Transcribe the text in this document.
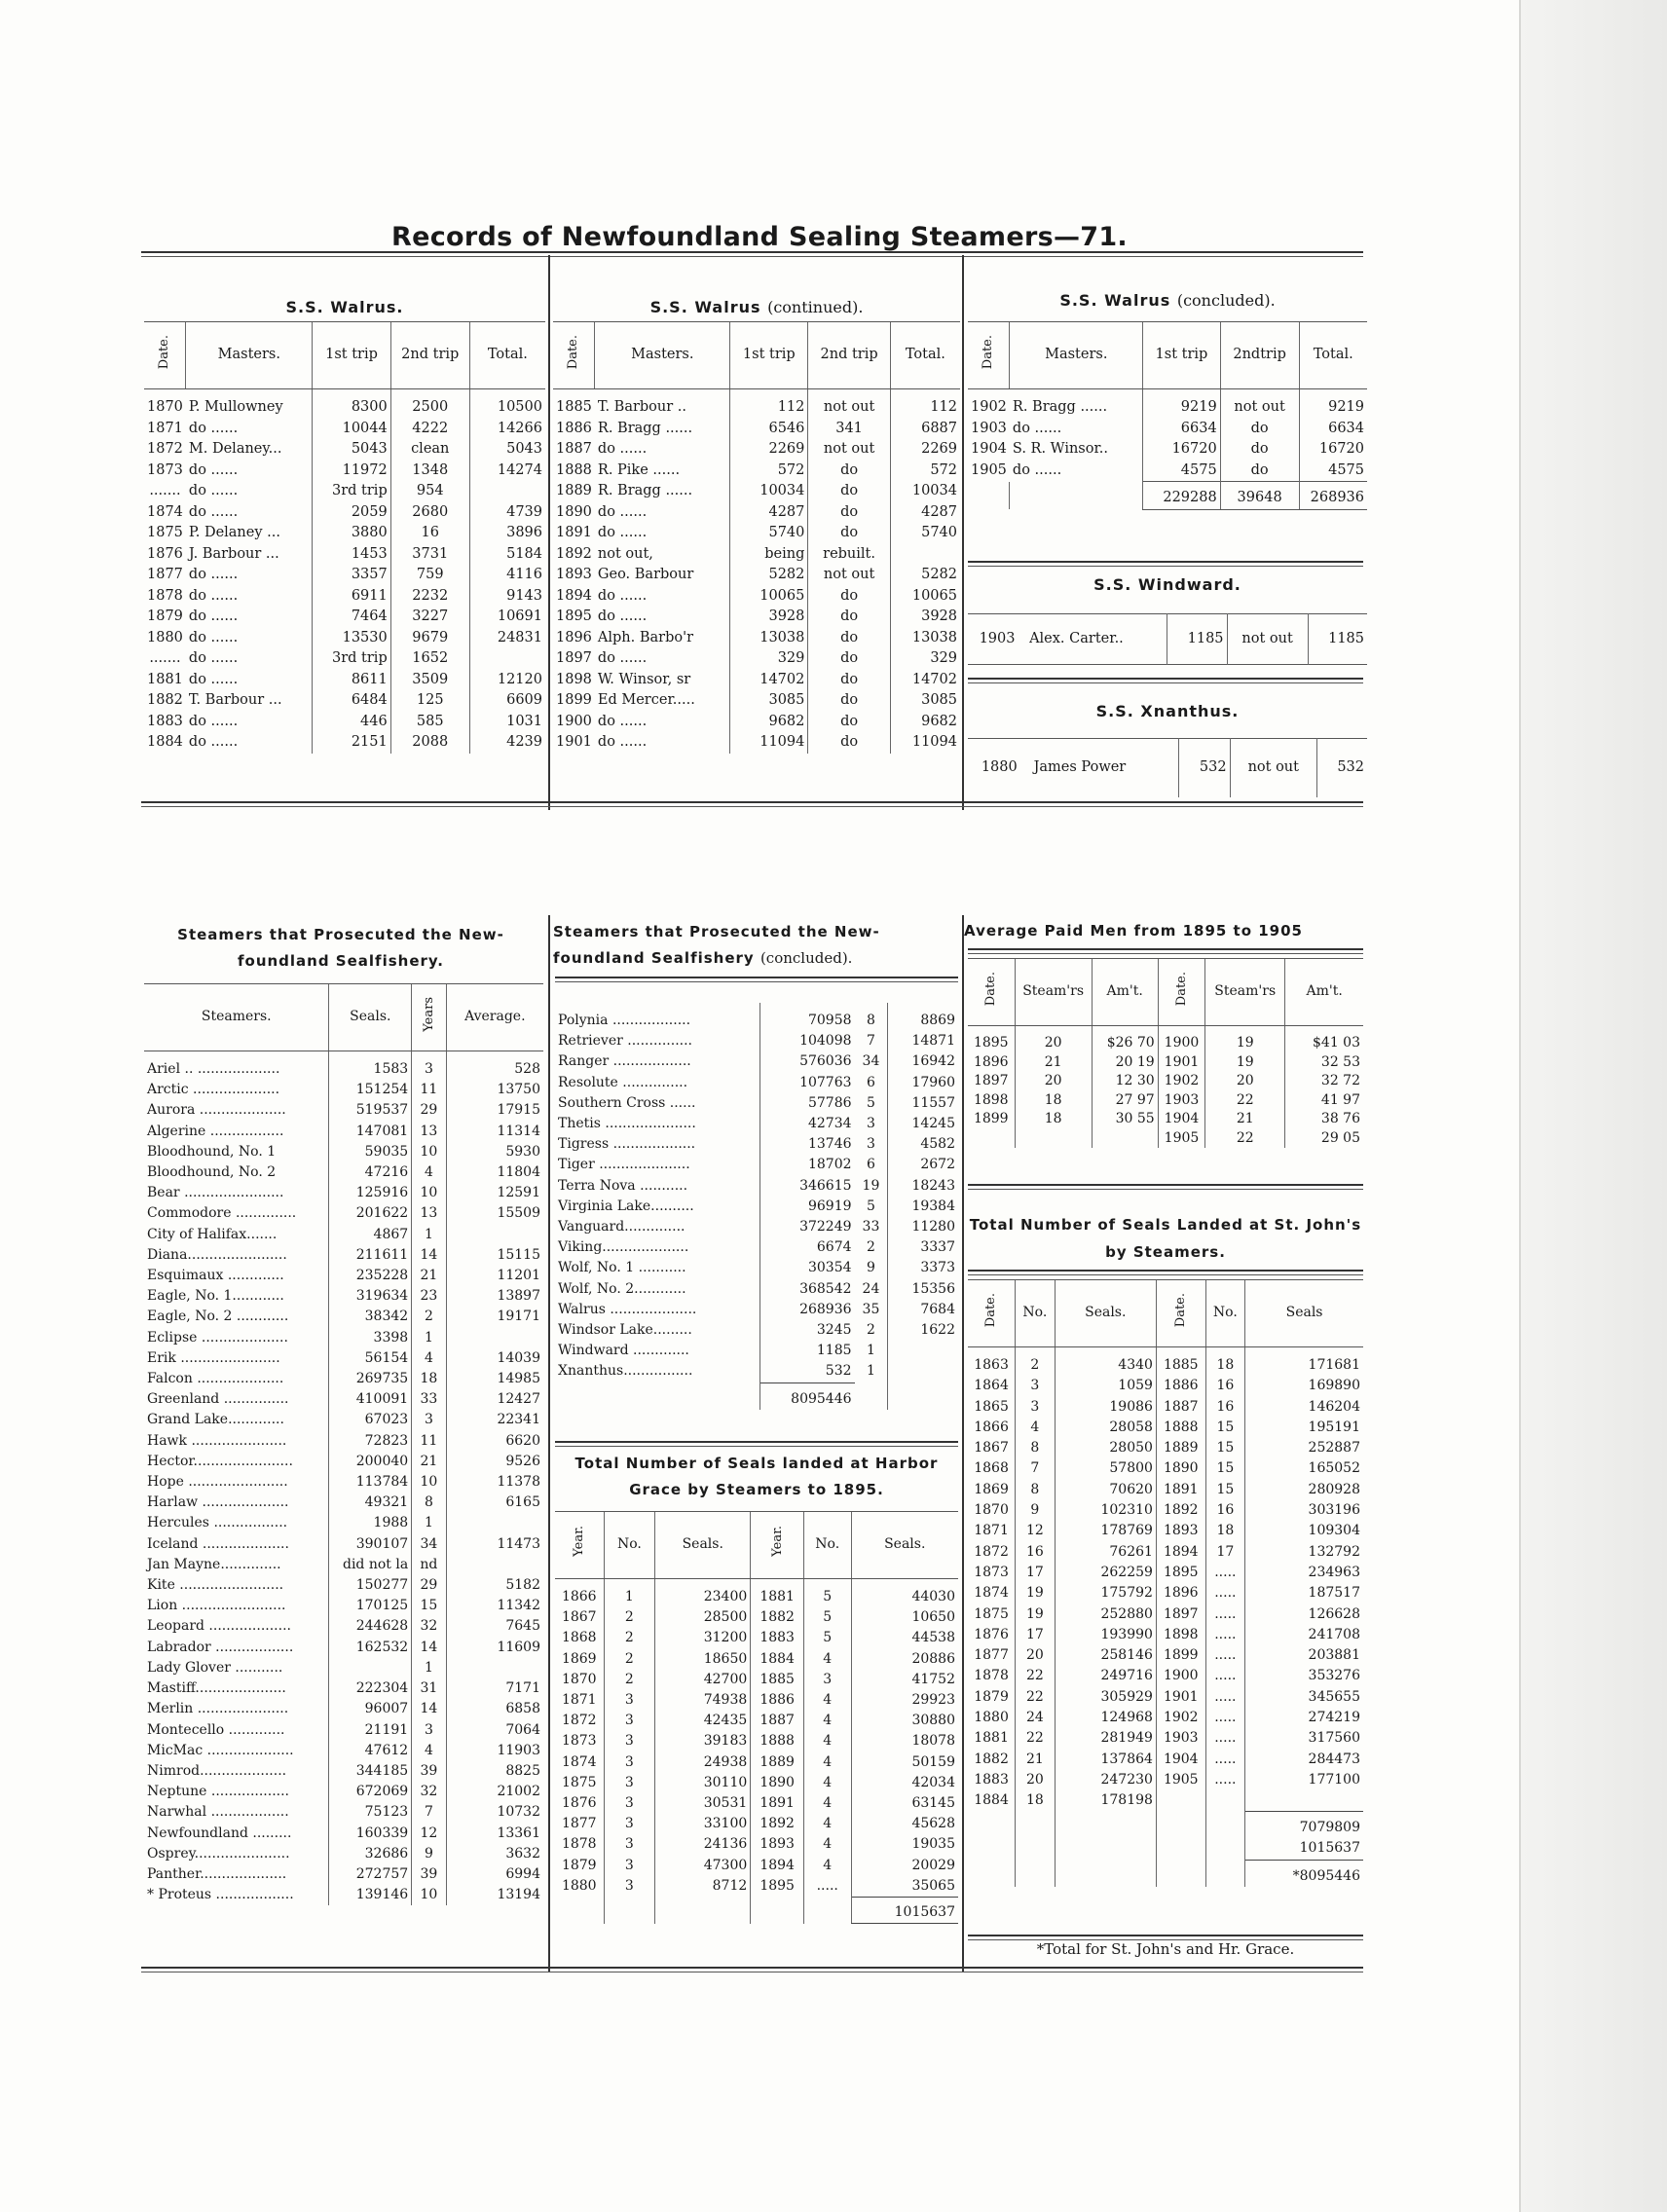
Records of Newfoundland Sealing Steamers—71.
S.S. Walrus.
Date.	Masters.	1st trip	2nd trip	Total.
1870	P. Mullowney	8300	2500	10500
1871	do ......	10044	4222	14266
1872	M. Delaney...	5043	clean	5043
1873	do ......	11972	1348	14274
.......	do ......	3rd trip	954	
1874	do ......	2059	2680	4739
1875	P. Delaney ...	3880	16	3896
1876	J. Barbour ...	1453	3731	5184
1877	do ......	3357	759	4116
1878	do ......	6911	2232	9143
1879	do ......	7464	3227	10691
1880	do ......	13530	9679	24831
.......	do ......	3rd trip	1652	
1881	do ......	8611	3509	12120
1882	T. Barbour ...	6484	125	6609
1883	do ......	446	585	1031
1884	do ......	2151	2088	4239
S.S. Walrus (continued).
Date.	Masters.	1st trip	2nd trip	Total.
1885	T. Barbour ..	112	not out	112
1886	R. Bragg ......	6546	341	6887
1887	do ......	2269	not out	2269
1888	R. Pike ......	572	do	572
1889	R. Bragg ......	10034	do	10034
1890	do ......	4287	do	4287
1891	do ......	5740	do	5740
1892	not out,	being	rebuilt.	
1893	Geo. Barbour	5282	not out	5282
1894	do ......	10065	do	10065
1895	do ......	3928	do	3928
1896	Alph. Barbo'r	13038	do	13038
1897	do ......	329	do	329
1898	W. Winsor, sr	14702	do	14702
1899	Ed Mercer.....	3085	do	3085
1900	do ......	9682	do	9682
1901	do ......	11094	do	11094
S.S. Walrus (concluded).
Date.	Masters.	1st trip	2ndtrip	Total.
1902	R. Bragg ......	9219	not out	9219
1903	do ......	6634	do	6634
1904	S. R. Winsor..	16720	do	16720
1905	do ......	4575	do	4575
		229288	39648	268936
S.S. Windward.
1903	Alex. Carter..	1185	not out	1185
S.S. Xnanthus.
1880	James Power	532	not out	532
Steamers that Prosecuted the New-foundland Sealfishery.
Steamers.	Seals.	Years	Average.
Ariel .. ...................	1583	3	528
Arctic ....................	151254	11	13750
Aurora ....................	519537	29	17915
Algerine .................	147081	13	11314
Bloodhound, No. 1	59035	10	5930
Bloodhound, No. 2	47216	4	11804
Bear .......................	125916	10	12591
Commodore ..............	201622	13	15509
City of Halifax.......	4867	1	
Diana.......................	211611	14	15115
Esquimaux .............	235228	21	11201
Eagle, No. 1............	319634	23	13897
Eagle, No. 2 ............	38342	2	19171
Eclipse ....................	3398	1	
Erik .......................	56154	4	14039
Falcon ....................	269735	18	14985
Greenland ...............	410091	33	12427
Grand Lake.............	67023	3	22341
Hawk ......................	72823	11	6620
Hector.......................	200040	21	9526
Hope .......................	113784	10	11378
Harlaw ....................	49321	8	6165
Hercules .................	1988	1	
Iceland ....................	390107	34	11473
Jan Mayne..............	did not la	nd	
Kite ........................	150277	29	5182
Lion ........................	170125	15	11342
Leopard ...................	244628	32	7645
Labrador ..................	162532	14	11609
Lady Glover ...........		1	
Mastiff.....................	222304	31	7171
Merlin .....................	96007	14	6858
Montecello .............	21191	3	7064
MicMac ....................	47612	4	11903
Nimrod....................	344185	39	8825
Neptune ..................	672069	32	21002
Narwhal ..................	75123	7	10732
Newfoundland .........	160339	12	13361
Osprey......................	32686	9	3632
Panther....................	272757	39	6994
* Proteus ..................	139146	10	13194
Steamers that Prosecuted the New-foundland Sealfishery (concluded).
Polynia ..................	70958	8	8869
Retriever ...............	104098	7	14871
Ranger ..................	576036	34	16942
Resolute ...............	107763	6	17960
Southern Cross ......	57786	5	11557
Thetis .....................	42734	3	14245
Tigress ...................	13746	3	4582
Tiger .....................	18702	6	2672
Terra Nova ...........	346615	19	18243
Virginia Lake..........	96919	5	19384
Vanguard..............	372249	33	11280
Viking....................	6674	2	3337
Wolf, No. 1 ...........	30354	9	3373
Wolf, No. 2............	368542	24	15356
Walrus ....................	268936	35	7684
Windsor Lake.........	3245	2	1622
Windward .............	1185	1	
Xnanthus................	532	1	
	8095446		
Total Number of Seals landed at Harbor Grace by Steamers to 1895.
Year.	No.	Seals.	Year.	No.	Seals.
1866	1	23400	1881	5	44030
1867	2	28500	1882	5	10650
1868	2	31200	1883	5	44538
1869	2	18650	1884	4	20886
1870	2	42700	1885	3	41752
1871	3	74938	1886	4	29923
1872	3	42435	1887	4	30880
1873	3	39183	1888	4	18078
1874	3	24938	1889	4	50159
1875	3	30110	1890	4	42034
1876	3	30531	1891	4	63145
1877	3	33100	1892	4	45628
1878	3	24136	1893	4	19035
1879	3	47300	1894	4	20029
1880	3	8712	1895	.....	35065
					1015637
Average Paid Men from 1895 to 1905
Date.	Steam'rs	Am't.	Date.	Steam'rs	Am't.
1895	20	$26 70	1900	19	$41 03
1896	21	20 19	1901	19	32 53
1897	20	12 30	1902	20	32 72
1898	18	27 97	1903	22	41 97
1899	18	30 55	1904	21	38 76
			1905	22	29 05
Total Number of Seals Landed at St. John's by Steamers.
Date.	No.	Seals.	Date.	No.	Seals
1863	2	4340	1885	18	171681
1864	3	1059	1886	16	169890
1865	3	19086	1887	16	146204
1866	4	28058	1888	15	195191
1867	8	28050	1889	15	252887
1868	7	57800	1890	15	165052
1869	8	70620	1891	15	280928
1870	9	102310	1892	16	303196
1871	12	178769	1893	18	109304
1872	16	76261	1894	17	132792
1873	17	262259	1895	.....	234963
1874	19	175792	1896	.....	187517
1875	19	252880	1897	.....	126628
1876	17	193990	1898	.....	241708
1877	20	258146	1899	.....	203881
1878	22	249716	1900	.....	353276
1879	22	305929	1901	.....	345655
1880	24	124968	1902	.....	274219
1881	22	281949	1903	.....	317560
1882	21	137864	1904	.....	284473
1883	20	247230	1905	.....	177100
1884	18	178198			
					7079809
					1015637
					*8095446
*Total for St. John's and Hr. Grace.
